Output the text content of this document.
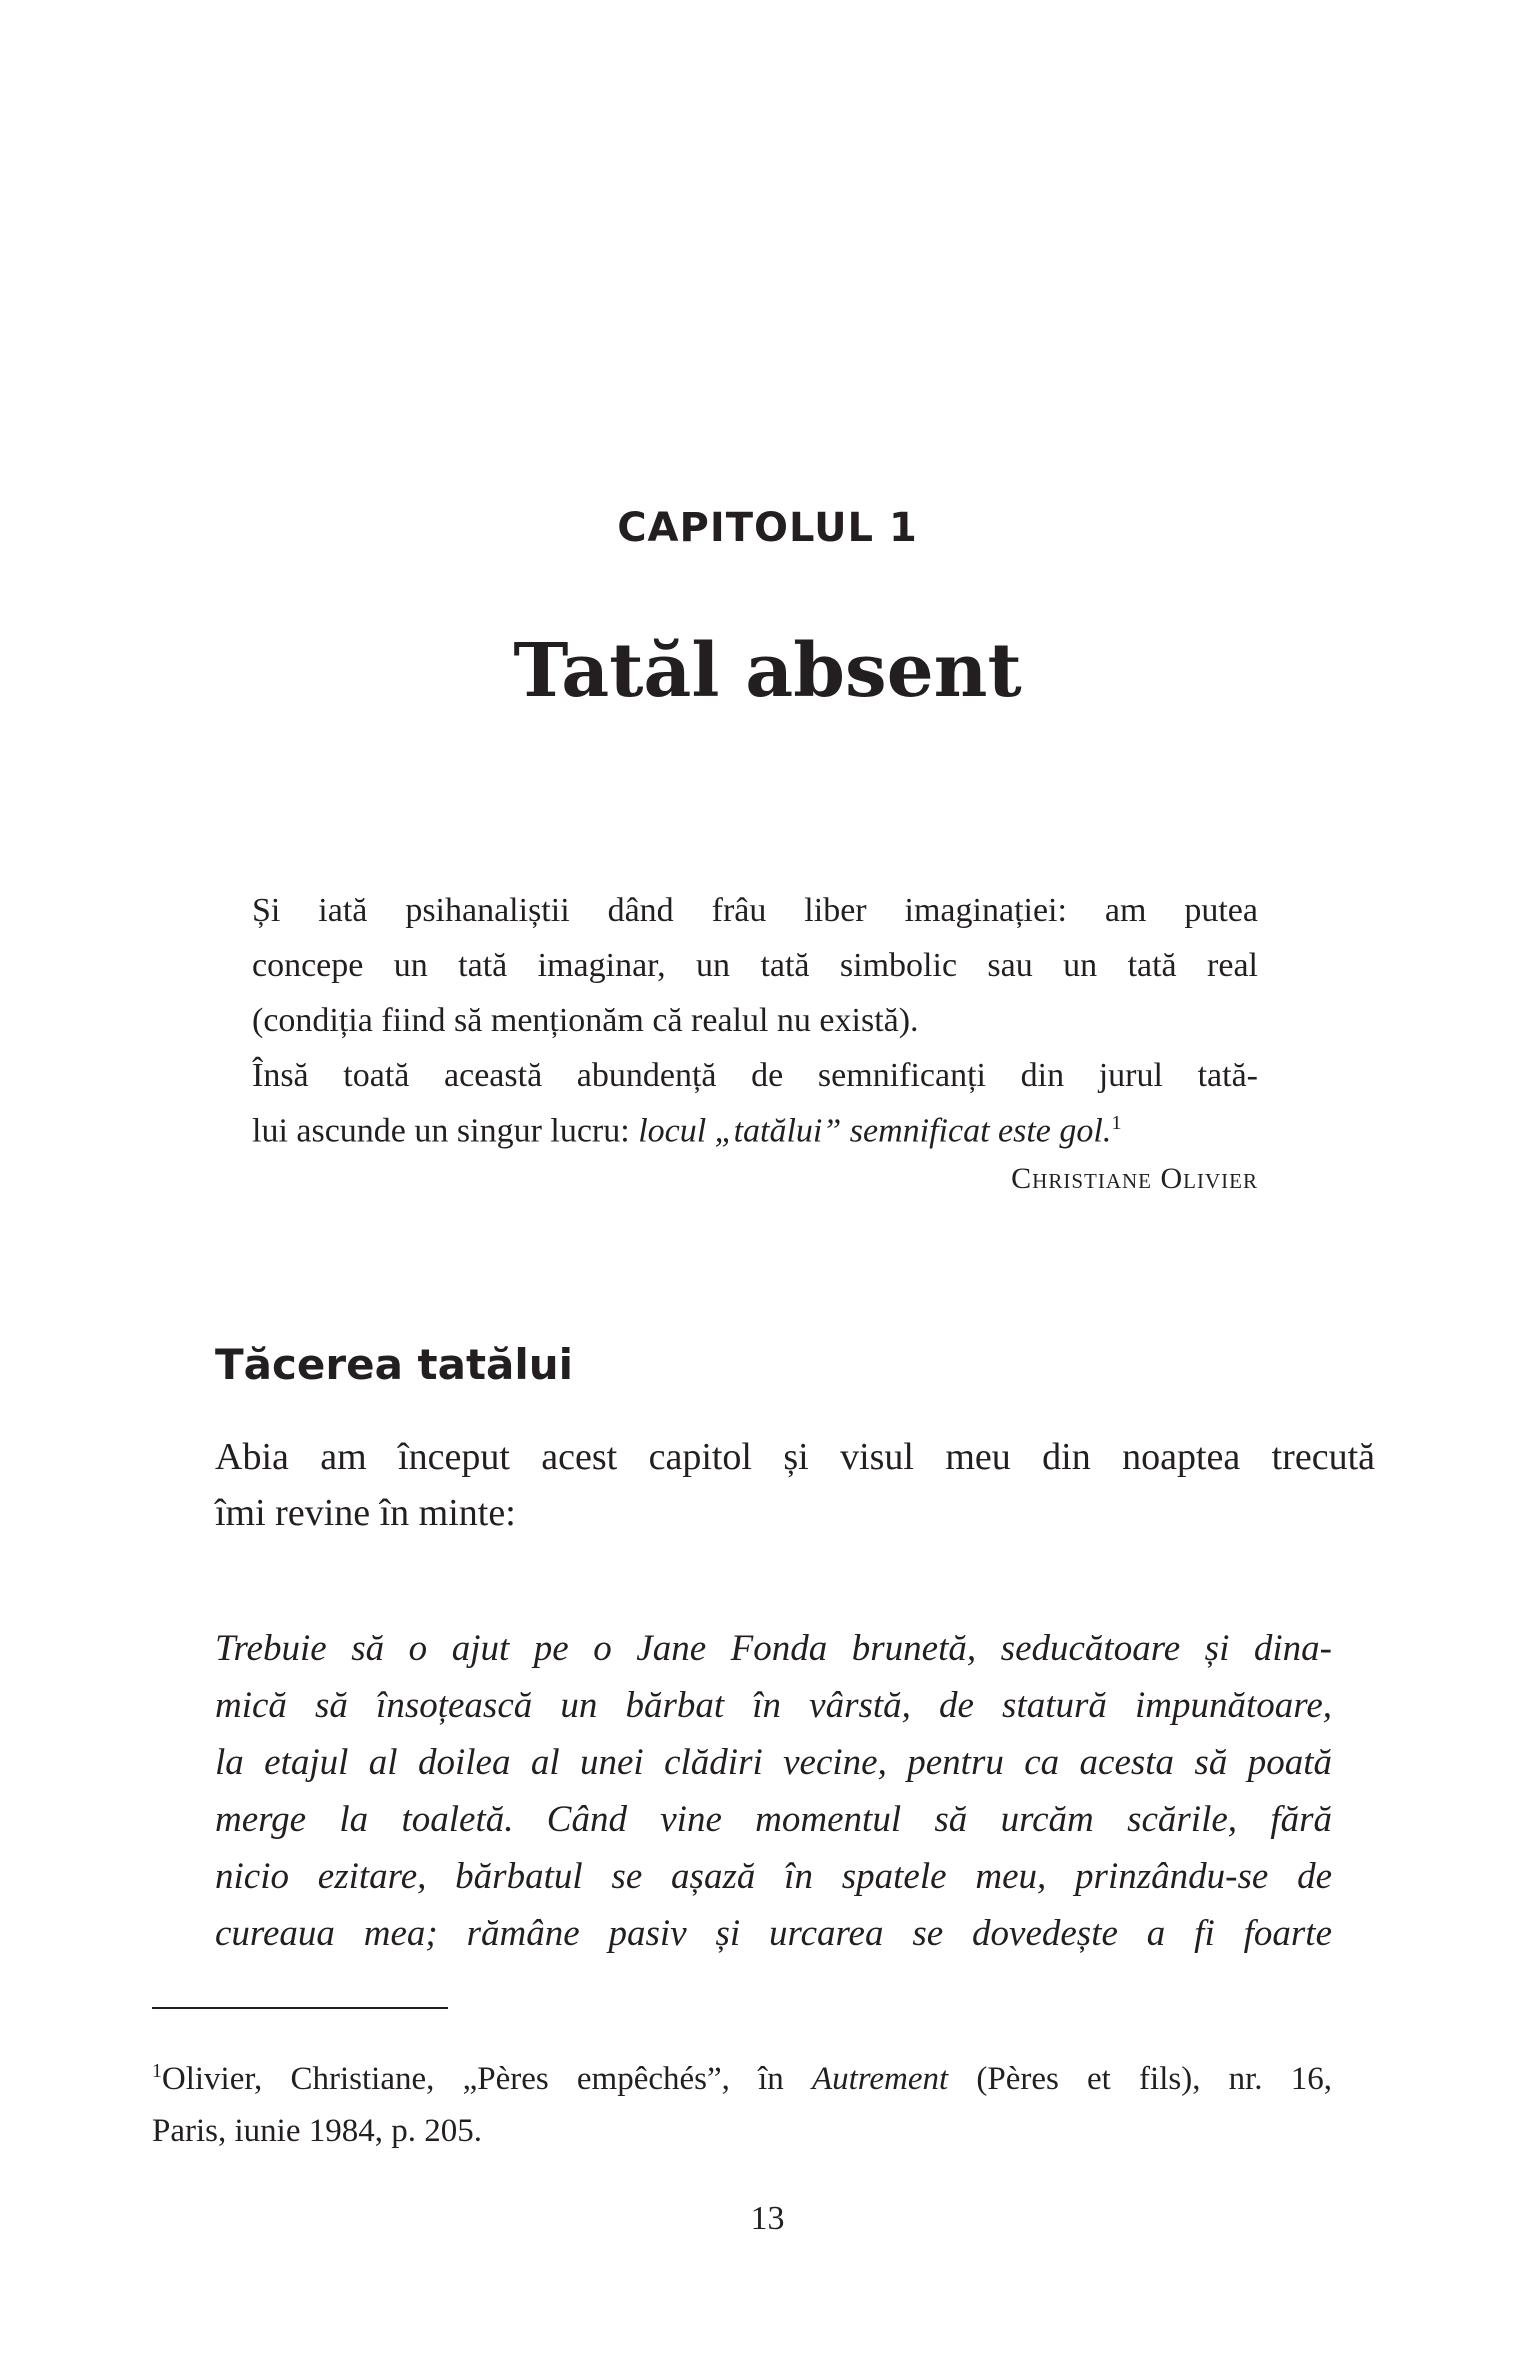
CAPITOLUL 1
Tatăl absent
Și iată psihanaliștii dând frâu liber imaginației: am putea
concepe un tată imaginar, un tată simbolic sau un tată real
(condiția fiind să menționăm că realul nu există).
Însă toată această abundență de semnificanți din jurul tată-
lui ascunde un singur lucru: locul „tatălui” semnificat este gol.$^1$
Christiane Olivier
Tăcerea tatălui
Abia am început acest capitol și visul meu din noaptea trecută
îmi revine în minte:
Trebuie să o ajut pe o Jane Fonda brunetă, seducătoare și dina-
mică să însoțească un bărbat în vârstă, de statură impunătoare,
la etajul al doilea al unei clădiri vecine, pentru ca acesta să poată
merge la toaletă. Când vine momentul să urcăm scările, fără
nicio ezitare, bărbatul se așază în spatele meu, prinzându-se de
cureaua mea; rămâne pasiv și urcarea se dovedește a fi foarte
$^1$Olivier, Christiane, „Pères empêchés”, în Autrement (Pères et fils), nr. 16,
Paris, iunie 1984, p. 205.
13
